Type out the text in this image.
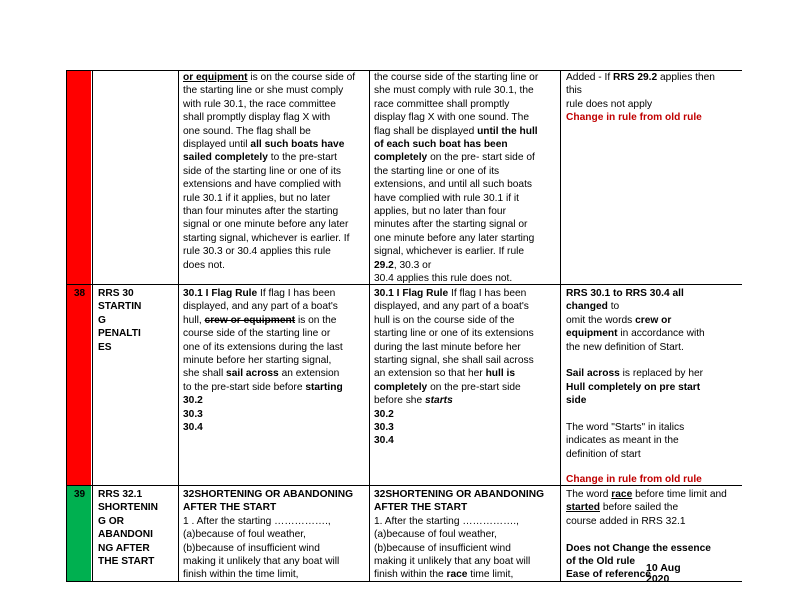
or equipment is on the course side of
the starting line or she must comply
with rule 30.1, the race committee
shall promptly display flag X with
one sound. The flag shall be
displayed until all such boats have
sailed completely to the pre-start
side of the starting line or one of its
extensions and have complied with
rule 30.1 if it applies, but no later
than four minutes after the starting
signal or one minute before any later
starting signal, whichever is earlier. If
rule 30.3 or 30.4 applies this rule
does not.
the course side of the starting line or
she must comply with rule 30.1, the
race committee shall promptly
display flag X with one sound. The
flag shall be displayed until the hull
of each such boat has been
completely on the pre- start side of
the starting line or one of its
extensions, and until all such boats
have complied with rule 30.1 if it
applies, but no later than four
minutes after the starting signal or
one minute before any later starting
signal, whichever is earlier. If rule
29.2, 30.3 or
30.4 applies this rule does not.
Added - If RRS 29.2 applies then
this
rule does not apply
Change in rule from old rule
38 RRS 30
STARTIN
G
PENALTI
ES
30.1 I Flag Rule If flag I has been
displayed, and any part of a boat's
hull, crew or equipment is on the
course side of the starting line or
one of its extensions during the last
minute before her starting signal,
she shall sail across an extension
to the pre-start side before starting
30.2
30.3
30.4
30.1 I Flag Rule If flag I has been
displayed, and any part of a boat's
hull is on the course side of the
starting line or one of its extensions
during the last minute before her
starting signal, she shall sail across
an extension so that her hull is
completely on the pre-start side
before she starts
30.2
30.3
30.4
RRS 30.1 to RRS 30.4 all
changed to
omit the words crew or
equipment in accordance with
the new definition of Start.
Sail across is replaced by her
Hull completely on pre start
side
The word "Starts" in italics
indicates as meant in the
definition of start
Change in rule from old rule
39 RRS 32.1
SHORTENIN
G OR
ABANDONI
NG AFTER
THE START
32SHORTENING OR ABANDONING
AFTER THE START
1 . After the starting …………….,
(a)because of foul weather,
(b)because of insufficient wind
making it unlikely that any boat will
finish within the time limit,
32SHORTENING OR ABANDONING
AFTER THE START
1. After the starting …………….,
(a)because of foul weather,
(b)because of insufficient wind
making it unlikely that any boat will
finish within the race time limit,
The word race before time limit and
started before sailed the
course added in RRS 32.1
Does not Change the essence
of the Old rule
Ease of reference
10 Aug
2020
